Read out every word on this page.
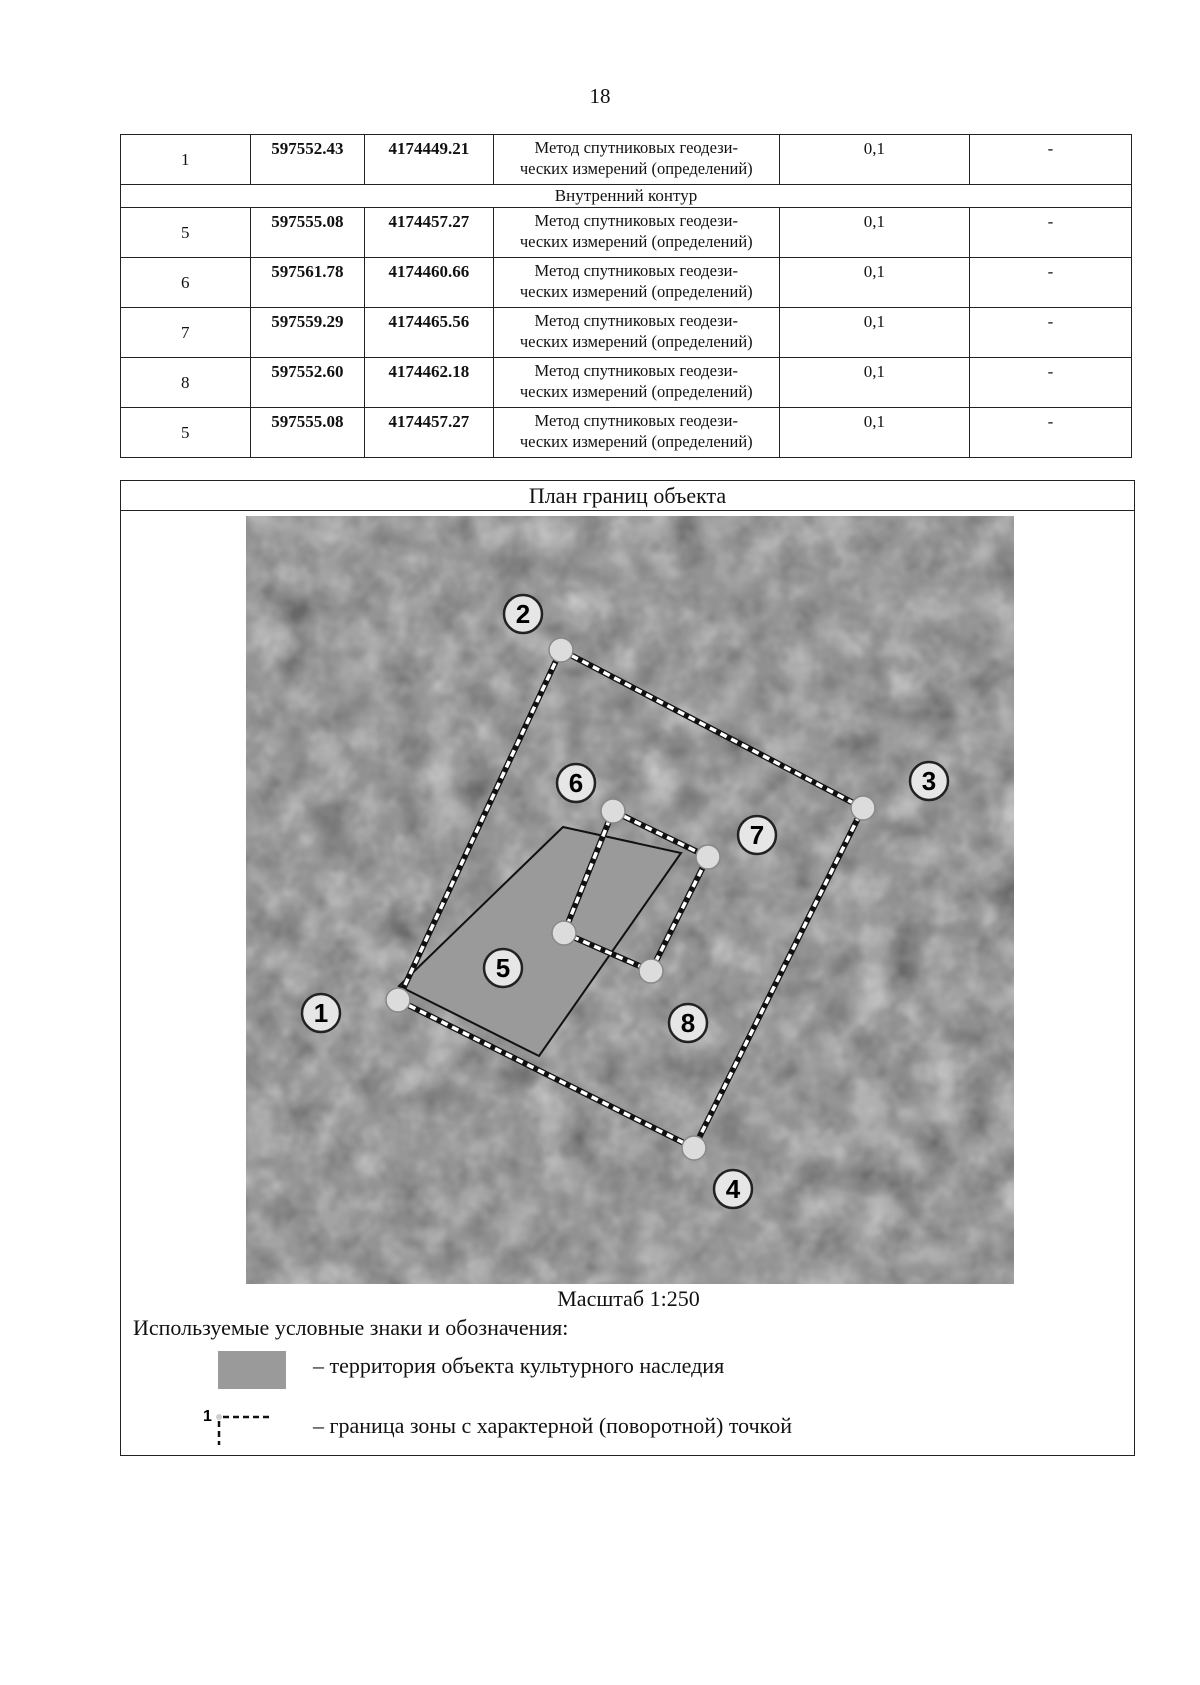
18
1	597552.43	4174449.21	Метод спутниковых геодези-
ческих измерений (определений)	0,1	-
Внутренний контур					
5	597555.08	4174457.27	Метод спутниковых геодези-
ческих измерений (определений)	0,1	-
6	597561.78	4174460.66	Метод спутниковых геодези-
ческих измерений (определений)	0,1	-
7	597559.29	4174465.56	Метод спутниковых геодези-
ческих измерений (определений)	0,1	-
8	597552.60	4174462.18	Метод спутниковых геодези-
ческих измерений (определений)	0,1	-
5	597555.08	4174457.27	Метод спутниковых геодези-
ческих измерений (определений)	0,1	-
План границ объекта
1
2
3
4
5
6
7
8
Масштаб 1:250
Используемые условные знаки и обозначения:
– территория объекта культурного наследия
1	– граница зоны с характерной (поворотной) точкой
